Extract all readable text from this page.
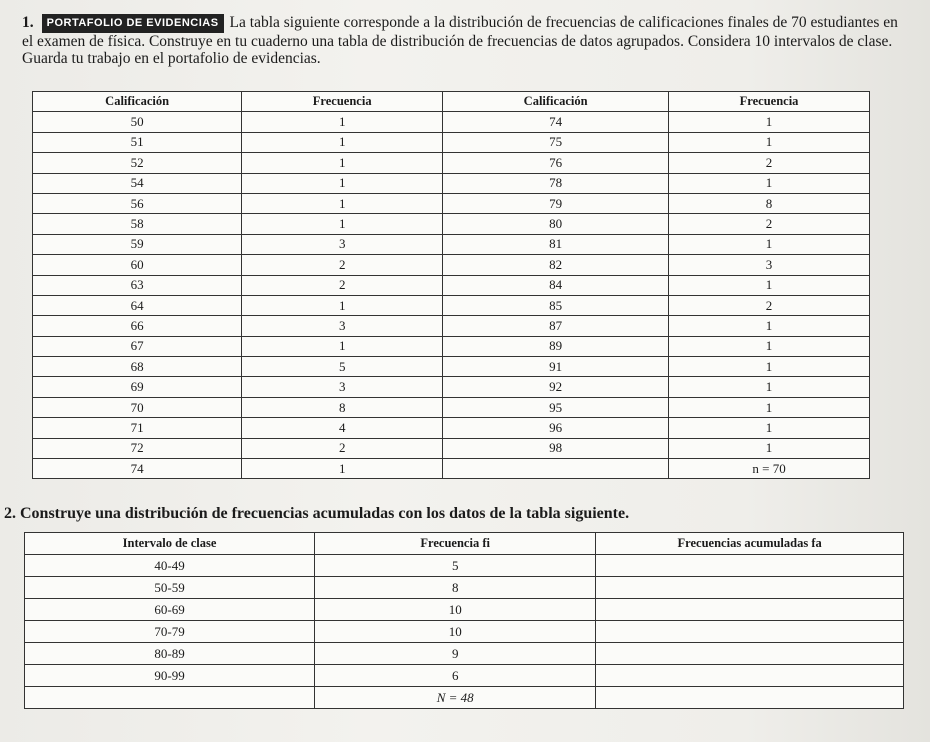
1. PORTAFOLIO DE EVIDENCIAS La tabla siguiente corresponde a la distribución de frecuencias de calificaciones finales de 70 estudiantes en el examen de física. Construye en tu cuaderno una tabla de distribución de frecuencias de datos agrupados. Considera 10 intervalos de clase. Guarda tu trabajo en el portafolio de evidencias.
Calificación	Frecuencia	Calificación	Frecuencia
50	1	74	1
51	1	75	1
52	1	76	2
54	1	78	1
56	1	79	8
58	1	80	2
59	3	81	1
60	2	82	3
63	2	84	1
64	1	85	2
66	3	87	1
67	1	89	1
68	5	91	1
69	3	92	1
70	8	95	1
71	4	96	1
72	2	98	1
74	1		n = 70
2. Construye una distribución de frecuencias acumuladas con los datos de la tabla siguiente.
Intervalo de clase	Frecuencia fi	Frecuencias acumuladas fa
40-49	5	
50-59	8	
60-69	10	
70-79	10	
80-89	9	
90-99	6	
	N = 48	
